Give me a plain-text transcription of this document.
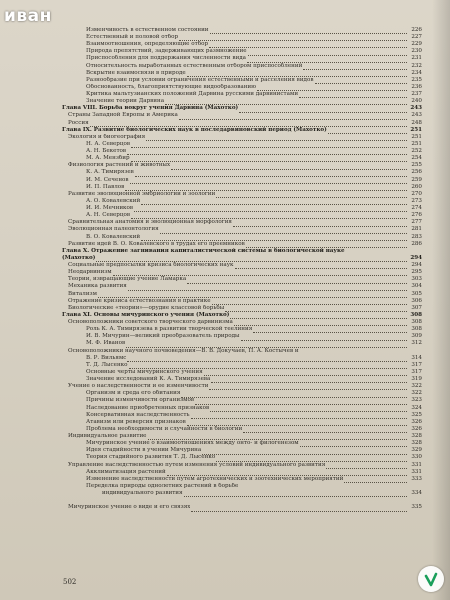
Изменчивость в естественном состоянии	226
Естественный и половой отбор	227
Взаимоотношения, определяющие отбор	229
Природа препятствий, задерживающих размножение	230
Приспособления для поддержания численности вида	231
Относительность выработанных естественным отбором приспособлений	232
Вскрытие взаимосвязи в природе	234
Разнообразие при условии ограничения естественными и расселения видов	235
Обоснованность, благоприятствующие видообразованию	236
Критика мальтузианских положений Дарвина русскими дарвинистами	237
Значение теории Дарвина	240
Глава VIII. Борьба вокруг учения Дарвина (Махотко)	243
Страны Западной Европы и Америка	243
Россия	248
Глава IX. Развитие биологических наук в последарвиновский период (Махотко)	251
Экология и биогеография	251
Н. А. Северцов	251
А. Н. Бекетов	252
М. А. Мензбир	254
Физиология растений и животных	255
К. А. Тимирязев	256
И. М. Сеченов	259
И. П. Павлов	260
Развитие эволюционной эмбриологии и зоологии	270
А. О. Ковалевский	273
И. И. Мечников	274
А. Н. Северцов	276
Сравнительная анатомия и эволюционная морфология	277
Эволюционная палеонтология	281
В. О. Ковалевский	283
Развитие идей В. О. Ковалевского в трудах его преемников	286
Глава X. Отражение загнивания капиталистической системы в биологической науке
(Махотко)	294
Социальные предпосылки кризиса биологических наук	294
Неодарвинизм	295
Теории, извращающие учение Ламарка	303
Механика развития	304
Витализм	305
Отражение кризиса естествознания в практике	306
Биологические «теории»—орудие классовой борьбы	307
Глава XI. Основы мичуринского учения (Махотко)	308
Основоположники советского творческого дарвинизма	308
Роль К. А. Тимирязева в развитии творческой теелиния	308
И. В. Мичурин—великий преобразователь природы	309
М. Ф. Иванов	312
Основоположники научного почвоведения—В. В. Докучаев, П. А. Костычев и
В. Р. Вильямс	314
Т. Д. Лысенко	317
Основные черты мичуринского учения	317
Значение исследований К. А. Тимирязева	319
Учение о наследственности и ее изменчивости	322
Организм и среда его обитания	322
Причины изменчивости организмов	323
Наследование приобретенных признаков	324
Консервативная наследственность	325
Атавизм или реверсия признаков	326
Проблема необходимости и случайности в биологии	326
Индивидуальное развитие	328
Мичуринское учение о взаимоотношениях между онто- и филогенезом	328
Идея стадийности в учении Мичурина	329
Теория стадийного развития Т. Д. Лысенко	330
Управление наследственностью путем изменения условий индивидуального развития	331
Акклиматизация растений	331
Изменение наследственности путем агротехнических и зоотехнических мероприятий	333
Переделка природы однолетних растений в борьбе
индивидуального развития	334
Мичуринское учение о виде и его связях	335
502
иван
